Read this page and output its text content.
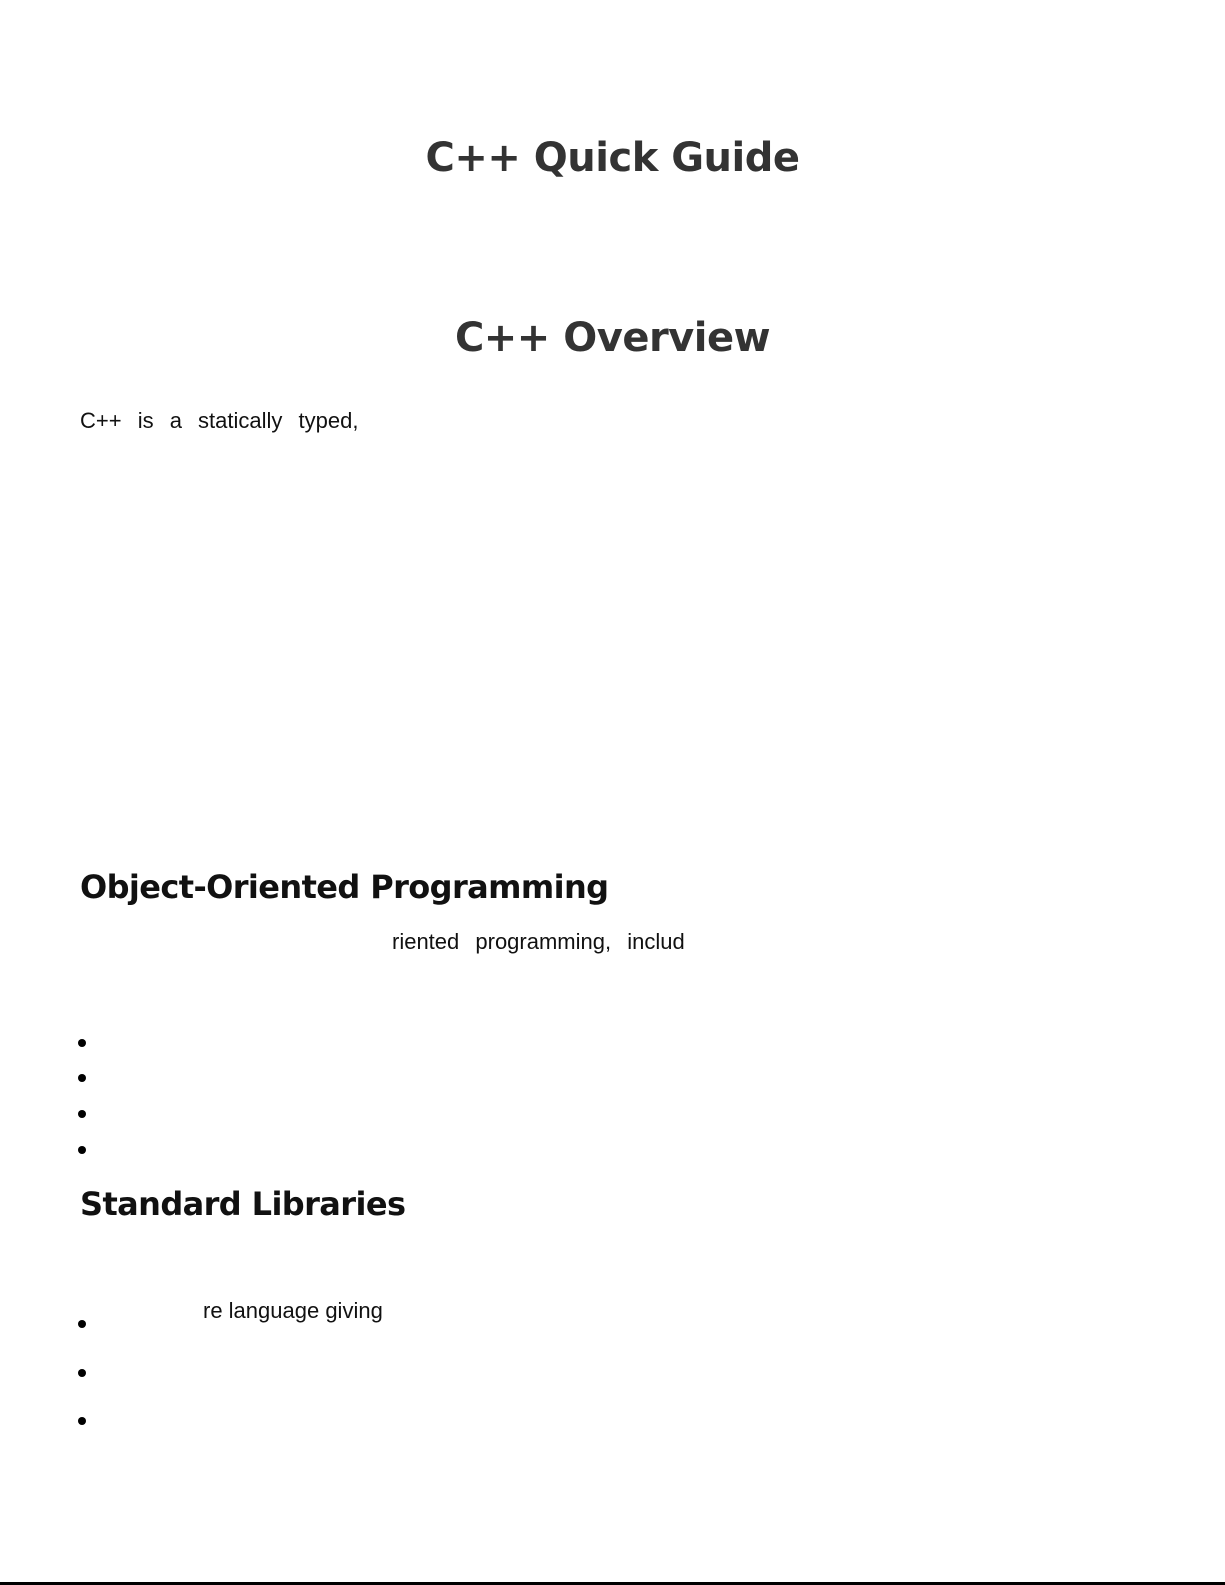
C++ Quick Guide
C++ Overview

C++ is a statically typed,

Object-Oriented Programming

riented programming, includ

Standard Libraries
re language giving
